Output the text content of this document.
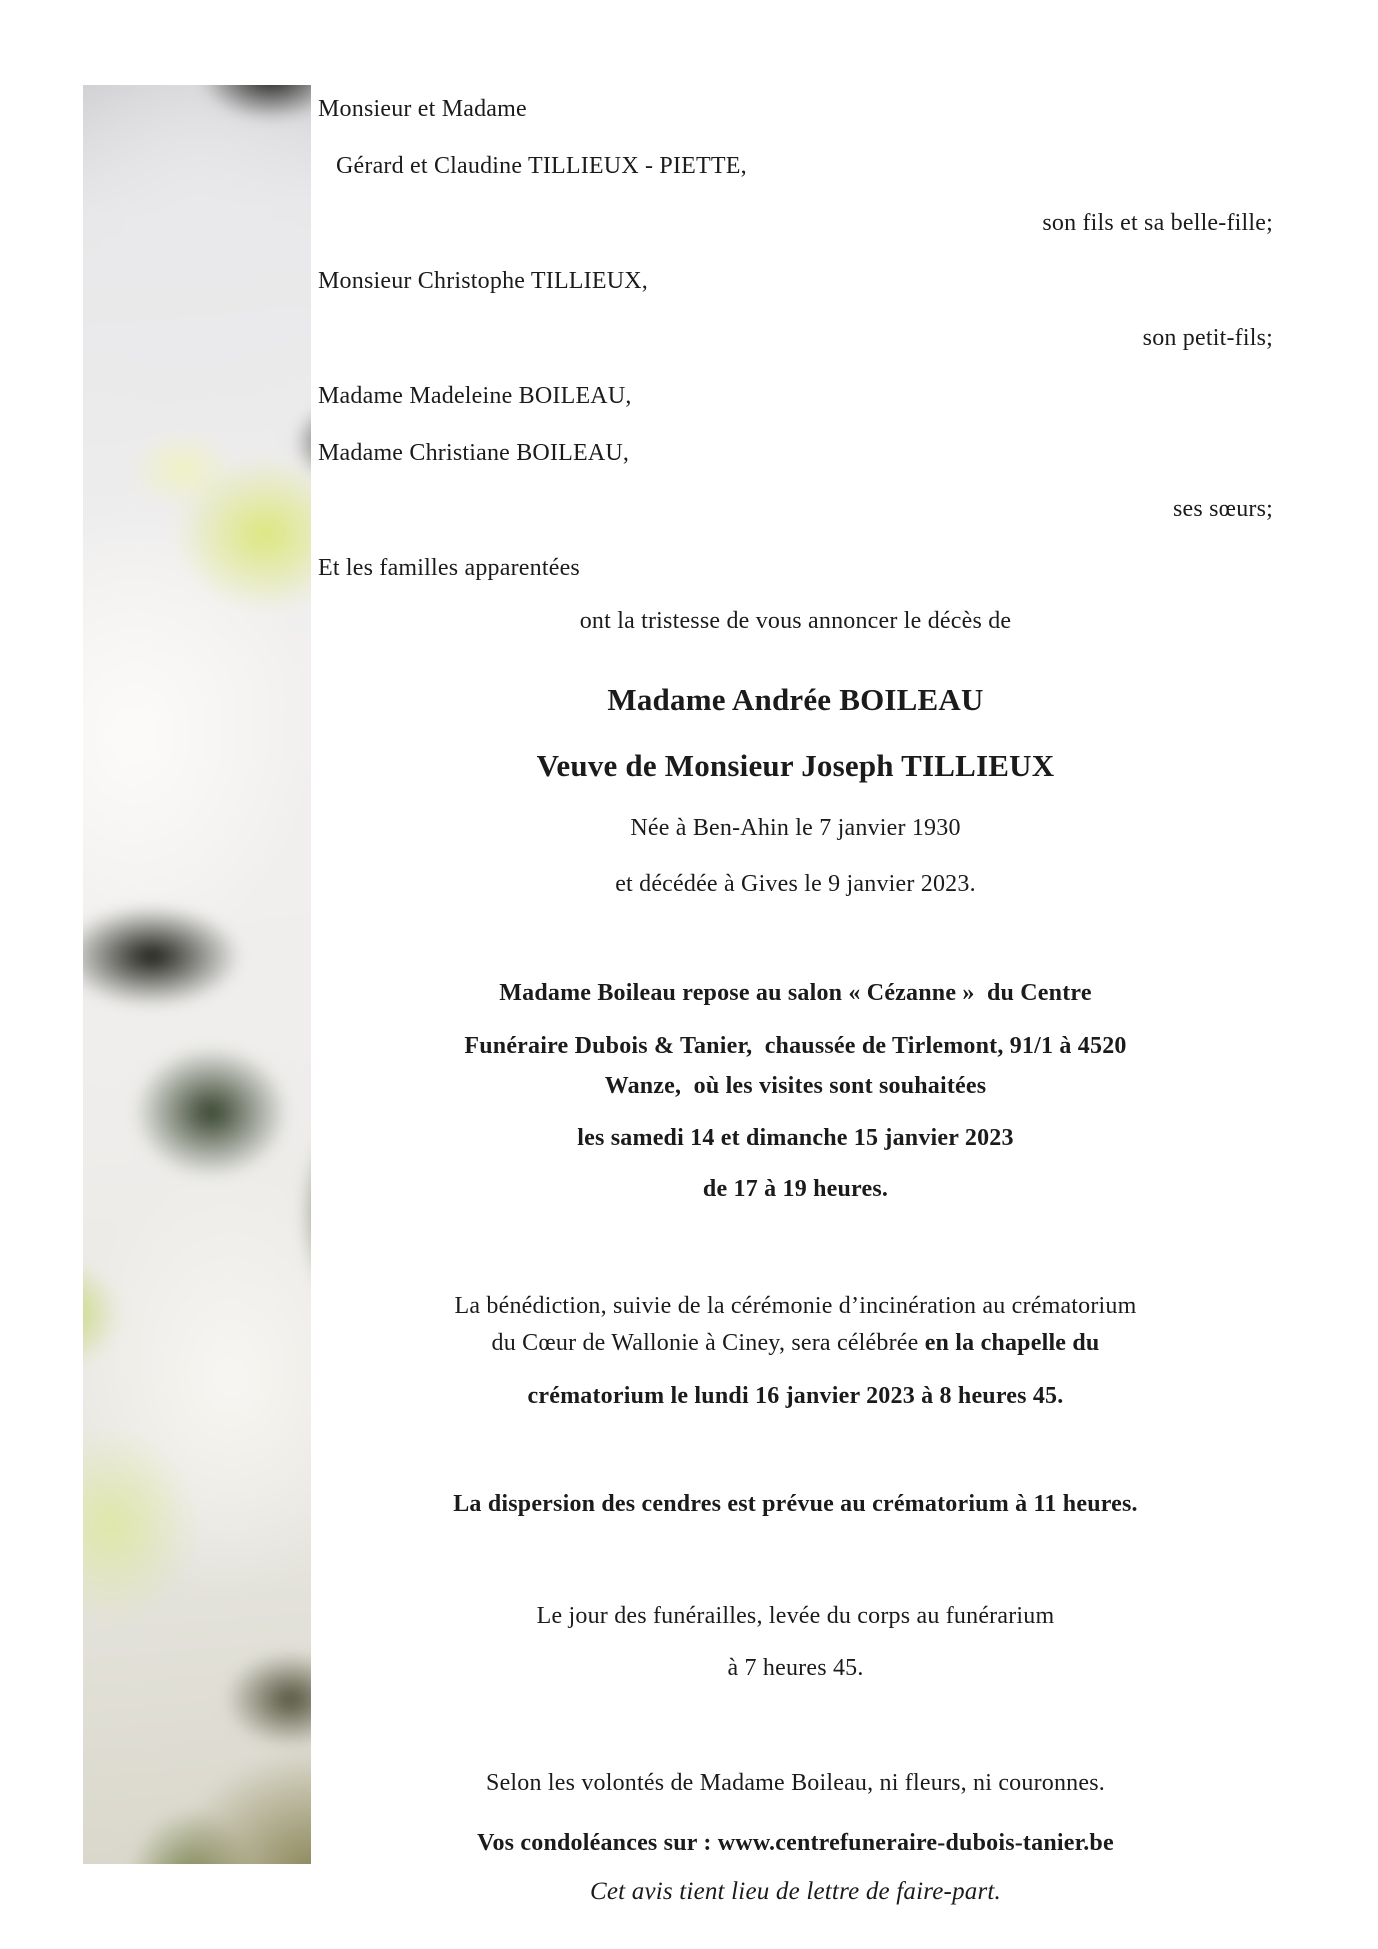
Monsieur et Madame
Gérard et Claudine TILLIEUX - PIETTE,
son fils et sa belle-fille;
Monsieur Christophe TILLIEUX,
son petit-fils;
Madame Madeleine BOILEAU,
Madame Christiane BOILEAU,
ses sœurs;
Et les familles apparentées
ont la tristesse de vous annoncer le décès de
Madame Andrée BOILEAU
Veuve de Monsieur Joseph TILLIEUX
Née à Ben-Ahin le 7 janvier 1930
et décédée à Gives le 9 janvier 2023.
Madame Boileau repose au salon « Cézanne »  du Centre
Funéraire Dubois & Tanier,  chaussée de Tirlemont, 91/1 à 4520
Wanze,  où les visites sont souhaitées
les samedi 14 et dimanche 15 janvier 2023
de 17 à 19 heures.
La bénédiction, suivie de la cérémonie d’incinération au crématorium
du Cœur de Wallonie à Ciney, sera célébrée en la chapelle du
crématorium le lundi 16 janvier 2023 à 8 heures 45.
La dispersion des cendres est prévue au crématorium à 11 heures.
Le jour des funérailles, levée du corps au funérarium
à 7 heures 45.
Selon les volontés de Madame Boileau, ni fleurs, ni couronnes.
Vos condoléances sur : www.centrefuneraire-dubois-tanier.be
Cet avis tient lieu de lettre de faire-part.
